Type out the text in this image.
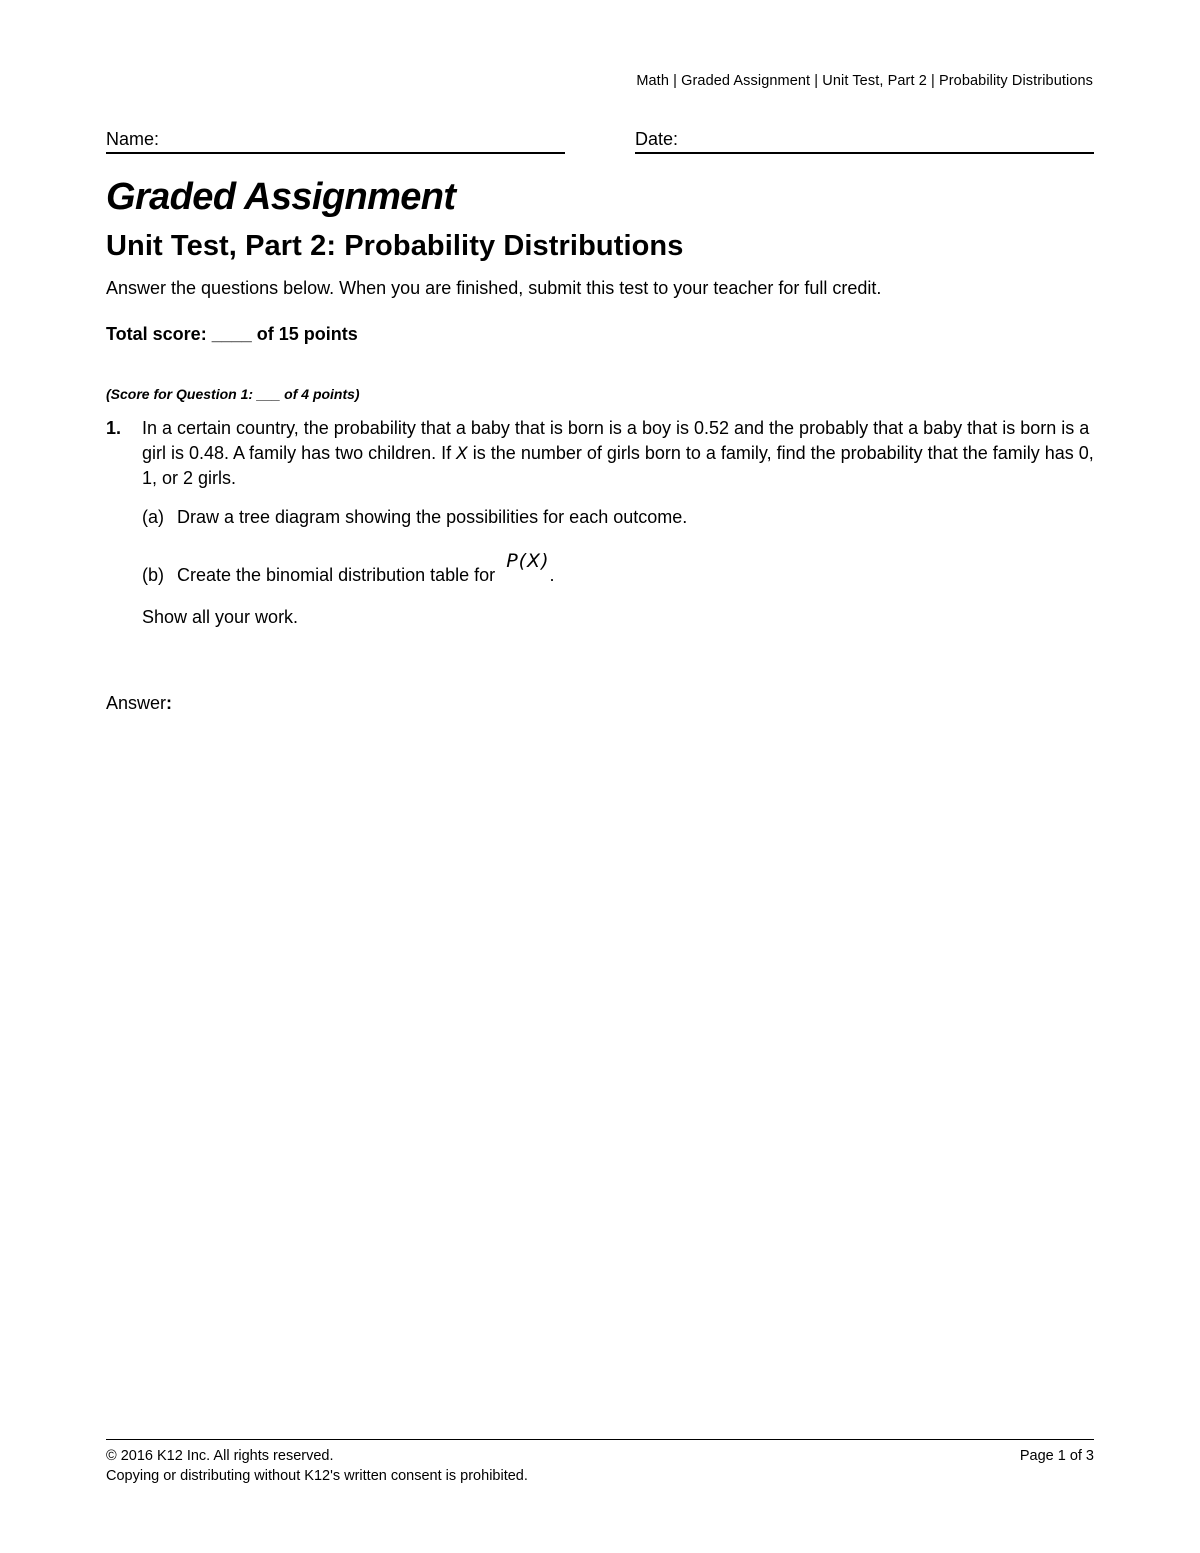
Math | Graded Assignment | Unit Test, Part 2 | Probability Distributions
Name:	Date:
Graded Assignment
Unit Test, Part 2: Probability Distributions

Answer the questions below. When you are finished, submit this test to your teacher for full credit.

Total score: ____ of 15 points

(Score for Question 1: ___ of 4 points)

1. In a certain country, the probability that a baby that is born is a boy is 0.52 and the probably that a baby that is born is a girl is 0.48. A family has two children. If X is the number of girls born to a family, find the probability that the family has 0, 1, or 2 girls.
(a) Draw a tree diagram showing the possibilities for each outcome.
(b) Create the binomial distribution table for P(X).
Show all your work.
Answer:
© 2016 K12 Inc. All rights reserved.
Copying or distributing without K12's written consent is prohibited.
Page 1 of 3
